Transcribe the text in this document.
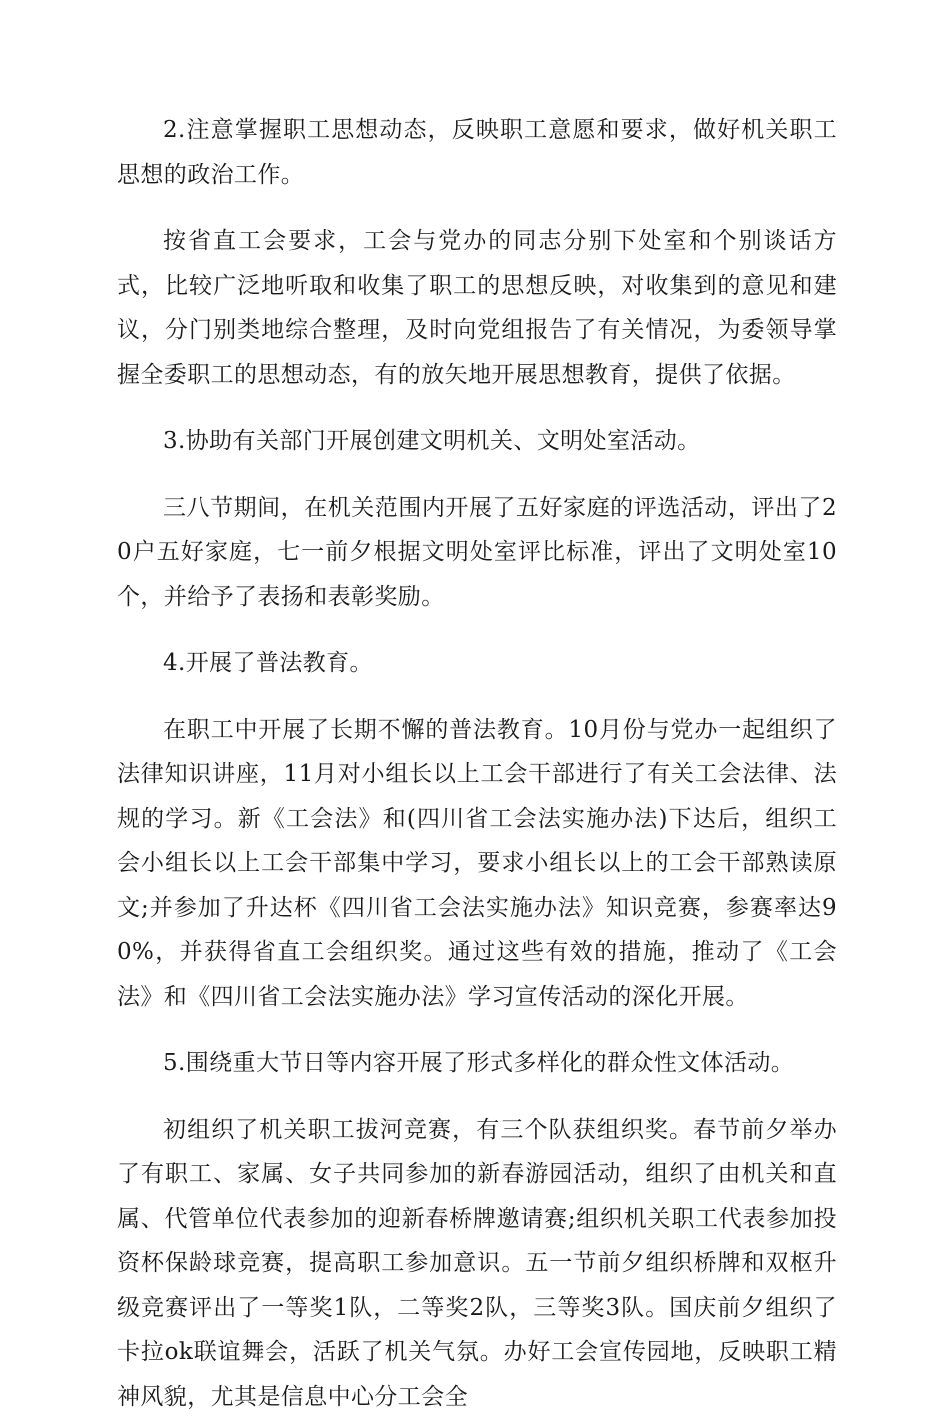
2.注意掌握职工思想动态，反映职工意愿和要求，做好机关职工思想的政治工作。

按省直工会要求，工会与党办的同志分别下处室和个别谈话方式，比较广泛地听取和收集了职工的思想反映，对收集到的意见和建议，分门别类地综合整理，及时向党组报告了有关情况，为委领导掌握全委职工的思想动态，有的放矢地开展思想教育，提供了依据。

3.协助有关部门开展创建文明机关、文明处室活动。

三八节期间，在机关范围内开展了五好家庭的评选活动，评出了20户五好家庭，七一前夕根据文明处室评比标准，评出了文明处室10个，并给予了表扬和表彰奖励。

4.开展了普法教育。

在职工中开展了长期不懈的普法教育。10月份与党办一起组织了法律知识讲座，11月对小组长以上工会干部进行了有关工会法律、法规的学习。新《工会法》和(四川省工会法实施办法)下达后，组织工会小组长以上工会干部集中学习，要求小组长以上的工会干部熟读原文;并参加了升达杯《四川省工会法实施办法》知识竞赛，参赛率达90%，并获得省直工会组织奖。通过这些有效的措施，推动了《工会法》和《四川省工会法实施办法》学习宣传活动的深化开展。

5.围绕重大节日等内容开展了形式多样化的群众性文体活动。

初组织了机关职工拔河竞赛，有三个队获组织奖。春节前夕举办了有职工、家属、女子共同参加的新春游园活动，组织了由机关和直属、代管单位代表参加的迎新春桥牌邀请赛;组织机关职工代表参加投资杯保龄球竞赛，提高职工参加意识。五一节前夕组织桥牌和双枢升级竞赛评出了一等奖1队，二等奖2队，三等奖3队。国庆前夕组织了卡拉ok联谊舞会，活跃了机关气氛。办好工会宣传园地，反映职工精神风貌，尤其是信息中心分工会全
